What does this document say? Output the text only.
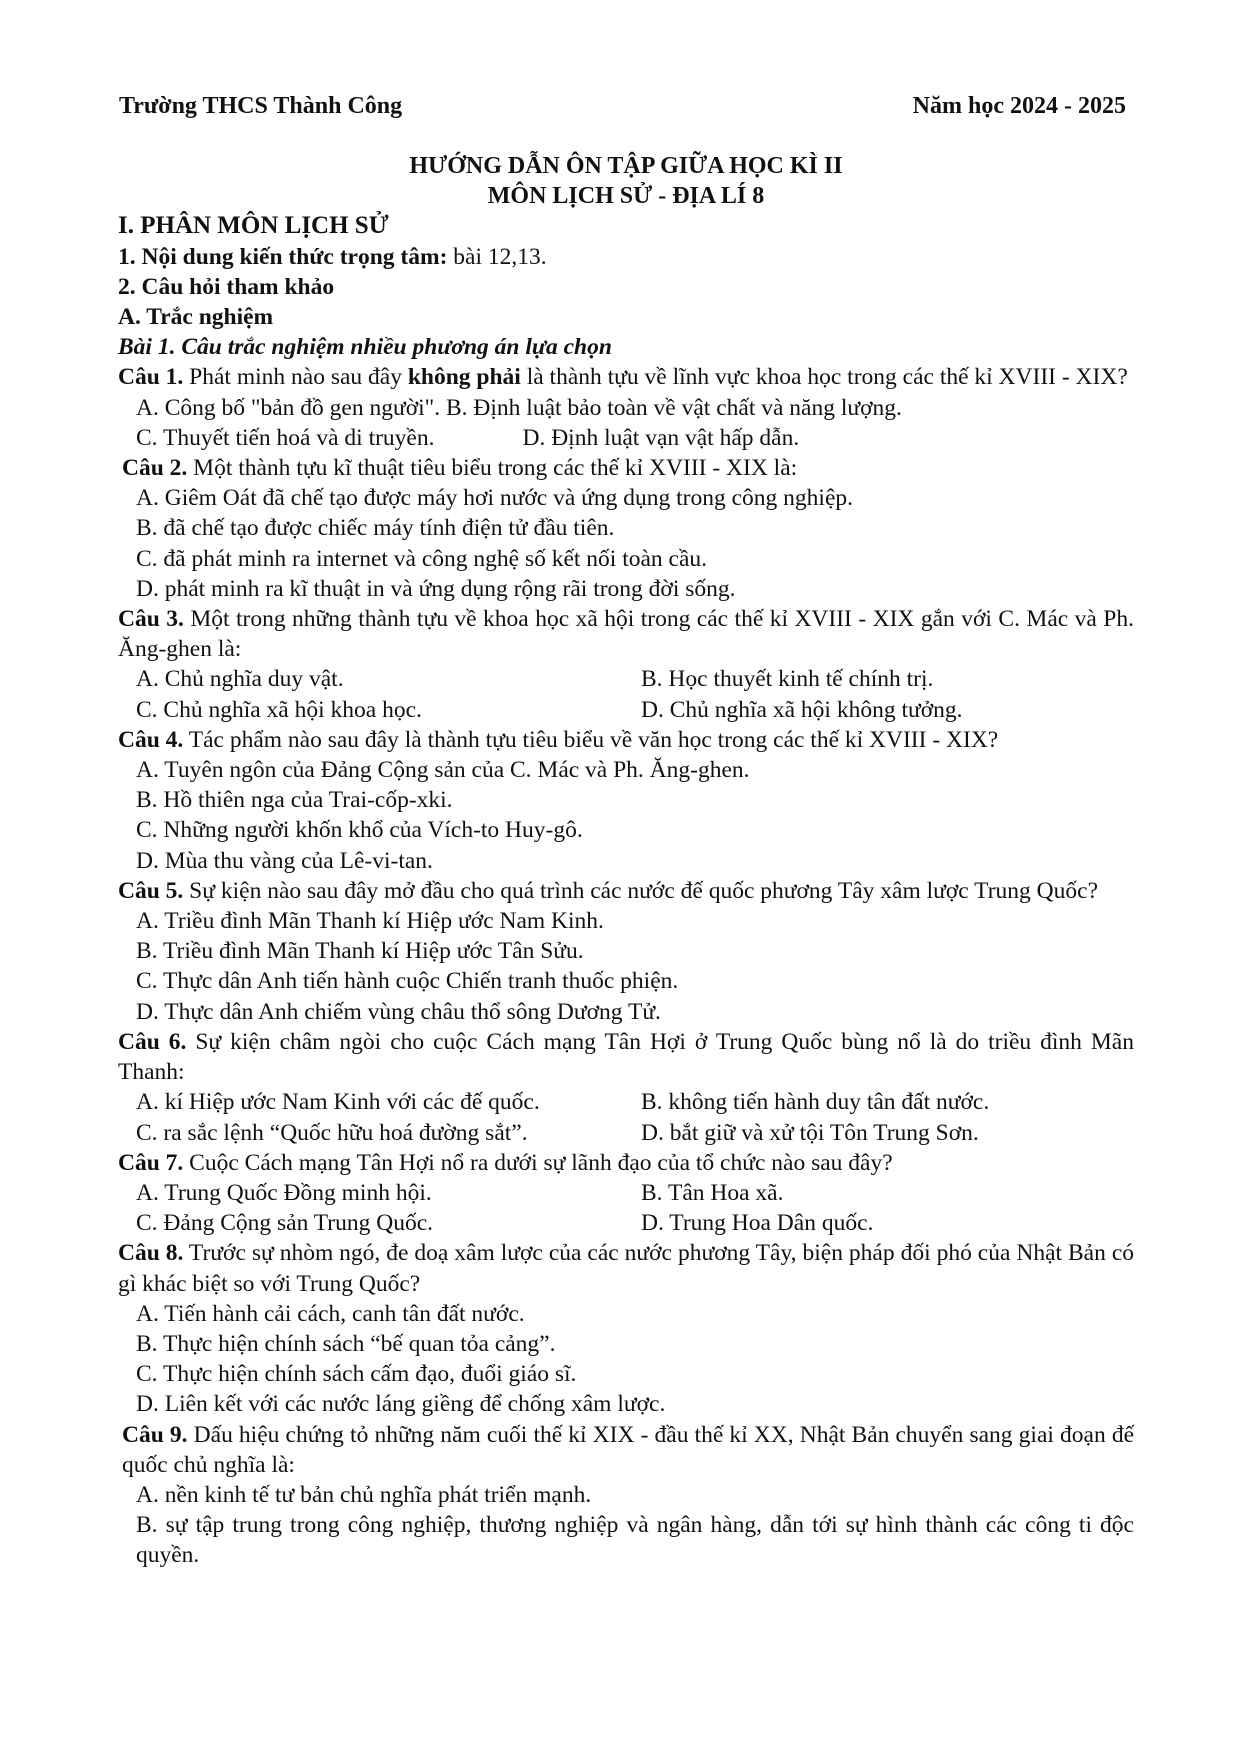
Trường THCS Thành Công	Năm học 2024 - 2025

HƯỚNG DẪN ÔN TẬP GIỮA HỌC KÌ II

MÔN LỊCH SỬ - ĐỊA LÍ 8

I. PHÂN MÔN LỊCH SỬ

1. Nội dung kiến thức trọng tâm: bài 12,13.

2. Câu hỏi tham khảo

A. Trắc nghiệm

Bài 1. Câu trắc nghiệm nhiều phương án lựa chọn

Câu 1. Phát minh nào sau đây không phải là thành tựu về lĩnh vực khoa học trong các thế kỉ XVIII - XIX?

A. Công bố "bản đồ gen người". B. Định luật bảo toàn về vật chất và năng lượng.

C. Thuyết tiến hoá và di truyền.	D. Định luật vạn vật hấp dẫn.

Câu 2. Một thành tựu kĩ thuật tiêu biểu trong các thế kỉ XVIII - XIX là:

A. Giêm Oát đã chế tạo được máy hơi nước và ứng dụng trong công nghiệp.

B. đã chế tạo được chiếc máy tính điện tử đầu tiên.

C. đã phát minh ra internet và công nghệ số kết nối toàn cầu.

D. phát minh ra kĩ thuật in và ứng dụng rộng rãi trong đời sống.

Câu 3. Một trong những thành tựu về khoa học xã hội trong các thế kỉ XVIII - XIX gắn với C. Mác và Ph. Ăng-ghen là:

A. Chủ nghĩa duy vật.	B. Học thuyết kinh tế chính trị.
C. Chủ nghĩa xã hội khoa học.	D. Chủ nghĩa xã hội không tưởng.

Câu 4. Tác phẩm nào sau đây là thành tựu tiêu biểu về văn học trong các thế kỉ XVIII - XIX?

A. Tuyên ngôn của Đảng Cộng sản của C. Mác và Ph. Ăng-ghen.

B. Hồ thiên nga của Trai-cốp-xki.

C. Những người khốn khổ của Vích-to Huy-gô.

D. Mùa thu vàng của Lê-vi-tan.

Câu 5. Sự kiện nào sau đây mở đầu cho quá trình các nước đế quốc phương Tây xâm lược Trung Quốc?

A. Triều đình Mãn Thanh kí Hiệp ước Nam Kinh.

B. Triều đình Mãn Thanh kí Hiệp ước Tân Sửu.

C. Thực dân Anh tiến hành cuộc Chiến tranh thuốc phiện.

D. Thực dân Anh chiếm vùng châu thổ sông Dương Tử.

Câu 6. Sự kiện châm ngòi cho cuộc Cách mạng Tân Hợi ở Trung Quốc bùng nổ là do triều đình Mãn Thanh:

A. kí Hiệp ước Nam Kinh với các đế quốc.	B. không tiến hành duy tân đất nước.
C. ra sắc lệnh “Quốc hữu hoá đường sắt”.	D. bắt giữ và xử tội Tôn Trung Sơn.

Câu 7. Cuộc Cách mạng Tân Hợi nổ ra dưới sự lãnh đạo của tổ chức nào sau đây?

A. Trung Quốc Đồng minh hội.	B. Tân Hoa xã.
C. Đảng Cộng sản Trung Quốc.	D. Trung Hoa Dân quốc.

Câu 8. Trước sự nhòm ngó, đe doạ xâm lược của các nước phương Tây, biện pháp đối phó của Nhật Bản có gì khác biệt so với Trung Quốc?

A. Tiến hành cải cách, canh tân đất nước.

B. Thực hiện chính sách “bế quan tỏa cảng”.

C. Thực hiện chính sách cấm đạo, đuổi giáo sĩ.

D. Liên kết với các nước láng giềng để chống xâm lược.

Câu 9. Dấu hiệu chứng tỏ những năm cuối thế kỉ XIX - đầu thế kỉ XX, Nhật Bản chuyển sang giai đoạn đế quốc chủ nghĩa là:

A. nền kinh tế tư bản chủ nghĩa phát triển mạnh.

B. sự tập trung trong công nghiệp, thương nghiệp và ngân hàng, dẫn tới sự hình thành các công ti độc quyền.
